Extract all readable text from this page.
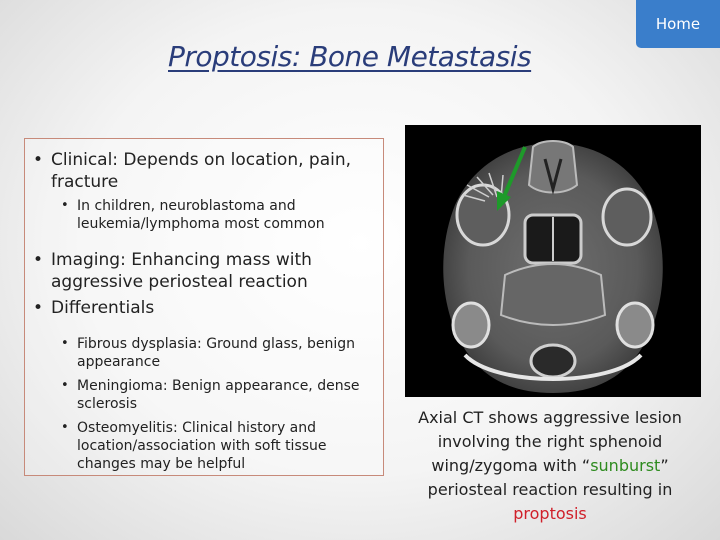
Home
Proptosis: Bone Metastasis
• Clinical: Depends on location, pain, fracture
• In children, neuroblastoma and leukemia/lymphoma most common
• Imaging: Enhancing mass with aggressive periosteal reaction
• Differentials
• Fibrous dysplasia: Ground glass, benign appearance
• Meningioma: Benign appearance, dense sclerosis
• Osteomyelitis: Clinical history and location/association with soft tissue changes may be helpful

Axial CT shows aggressive lesion involving the right sphenoid wing/zygoma with “sunburst” periosteal reaction resulting in proptosis
